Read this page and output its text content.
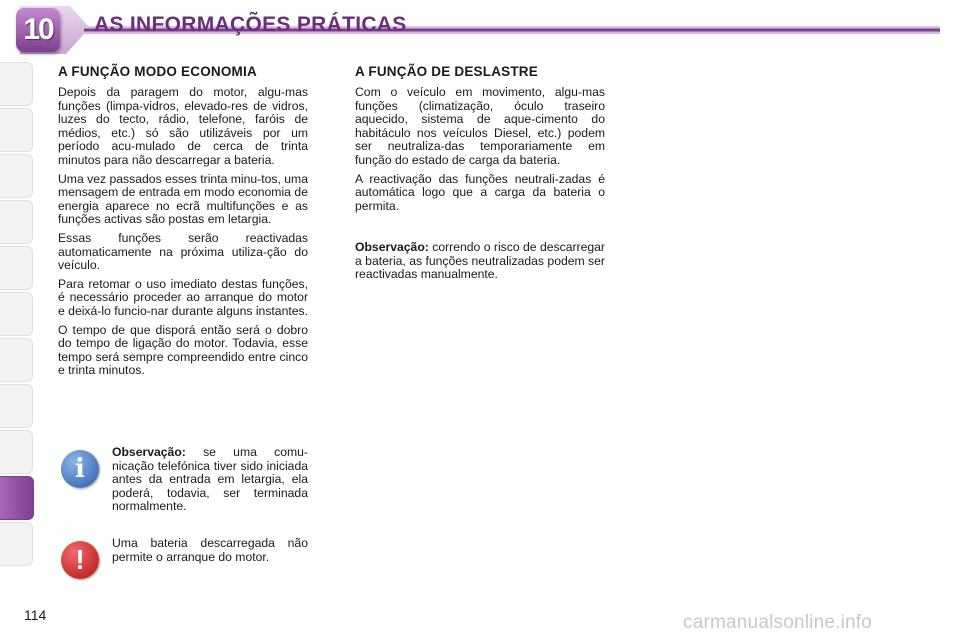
10	AS INFORMAÇÕES PRÁTICAS
A FUNÇÃO MODO ECONOMIA

Depois da paragem do motor, algu-mas funções (limpa-vidros, elevado-res de vidros, luzes do tecto, rádio, telefone, faróis de médios, etc.) só são utilizáveis por um período acu-mulado de cerca de trinta minutos para não descarregar a bateria.

Uma vez passados esses trinta minu-tos, uma mensagem de entrada em modo economia de energia aparece no ecrã multifunções e as funções activas são postas em letargia.

Essas funções serão reactivadas automaticamente na próxima utiliza-ção do veículo.

Para retomar o uso imediato destas funções, é necessário proceder ao arranque do motor e deixá-lo funcio-nar durante alguns instantes.

O tempo de que disporá então será o dobro do tempo de ligação do motor. Todavia, esse tempo será sempre compreendido entre cinco e trinta minutos.

i

Observação: se uma comu-nicação telefónica tiver sido iniciada antes da entrada em letargia, ela poderá, todavia, ser terminada normalmente.

!

Uma bateria descarregada não permite o arranque do motor.

A FUNÇÃO DE DESLASTRE

Com o veículo em movimento, algu-mas funções (climatização, óculo traseiro aquecido, sistema de aque-cimento do habitáculo nos veículos Diesel, etc.) podem ser neutraliza-das temporariamente em função do estado de carga da bateria.

A reactivação das funções neutrali-zadas é automática logo que a carga da bateria o permita.

Observação: correndo o risco de descarregar a bateria, as funções neutralizadas podem ser reactivadas manualmente.

114	carmanualsonline.info
